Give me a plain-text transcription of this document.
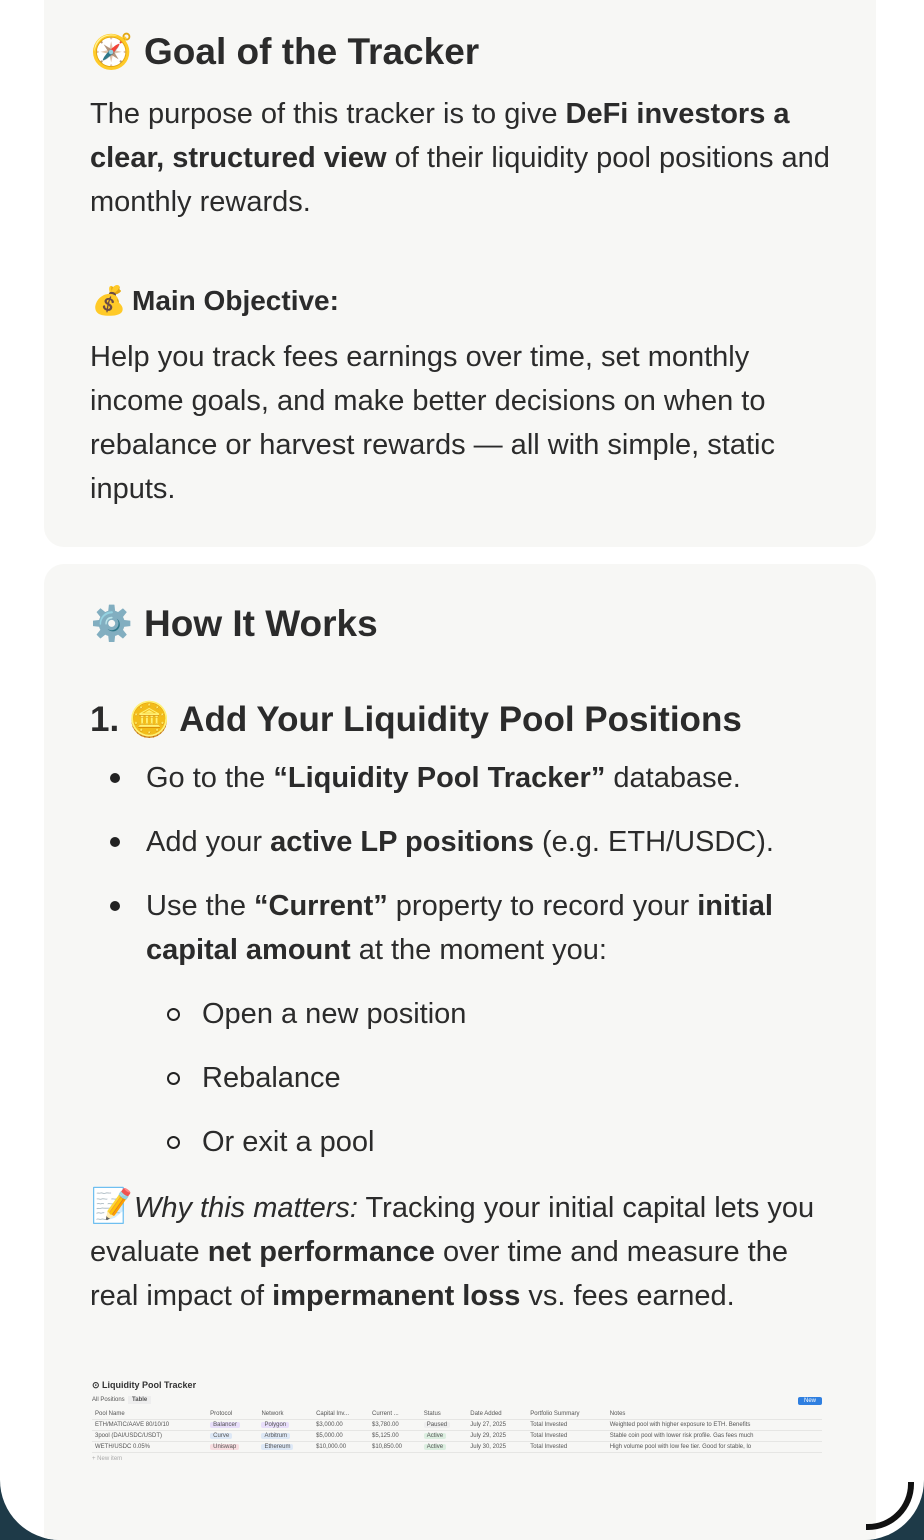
🧭 Goal of the Tracker

The purpose of this tracker is to give DeFi investors a clear, structured view of their liquidity pool positions and monthly rewards.

💰 Main Objective:

Help you track fees earnings over time, set monthly income goals, and make better decisions on when to rebalance or harvest rewards — all with simple, static inputs.

⚙️ How It Works
1. 🪙 Add Your Liquidity Pool Positions
Go to the “Liquidity Pool Tracker” database.
Add your active LP positions (e.g. ETH/USDC).
Use the “Current” property to record your initial capital amount at the moment you:
Open a new position
Rebalance
Or exit a pool

📝Why this matters: Tracking your initial capital lets you evaluate net performance over time and measure the real impact of impermanent loss vs. fees earned.

⊙ Liquidity Pool Tracker
All Positions Table	New
Pool Name	Protocol	Network	Capital Inv...	Current ...	Status	Date Added	Portfolio Summary	Notes
ETH/MATIC/AAVE 80/10/10	Balancer	Polygon	$3,000.00	$3,780.00	Paused	July 27, 2025	Total Invested	Weighted pool with higher exposure to ETH. Benefits
3pool (DAI/USDC/USDT)	Curve	Arbitrum	$5,000.00	$5,125.00	Active	July 29, 2025	Total Invested	Stable coin pool with lower risk profile. Gas fees much
WETH/USDC 0.05%	Uniswap	Ethereum	$10,000.00	$10,850.00	Active	July 30, 2025	Total Invested	High volume pool with low fee tier. Good for stable, lo
+ New item
